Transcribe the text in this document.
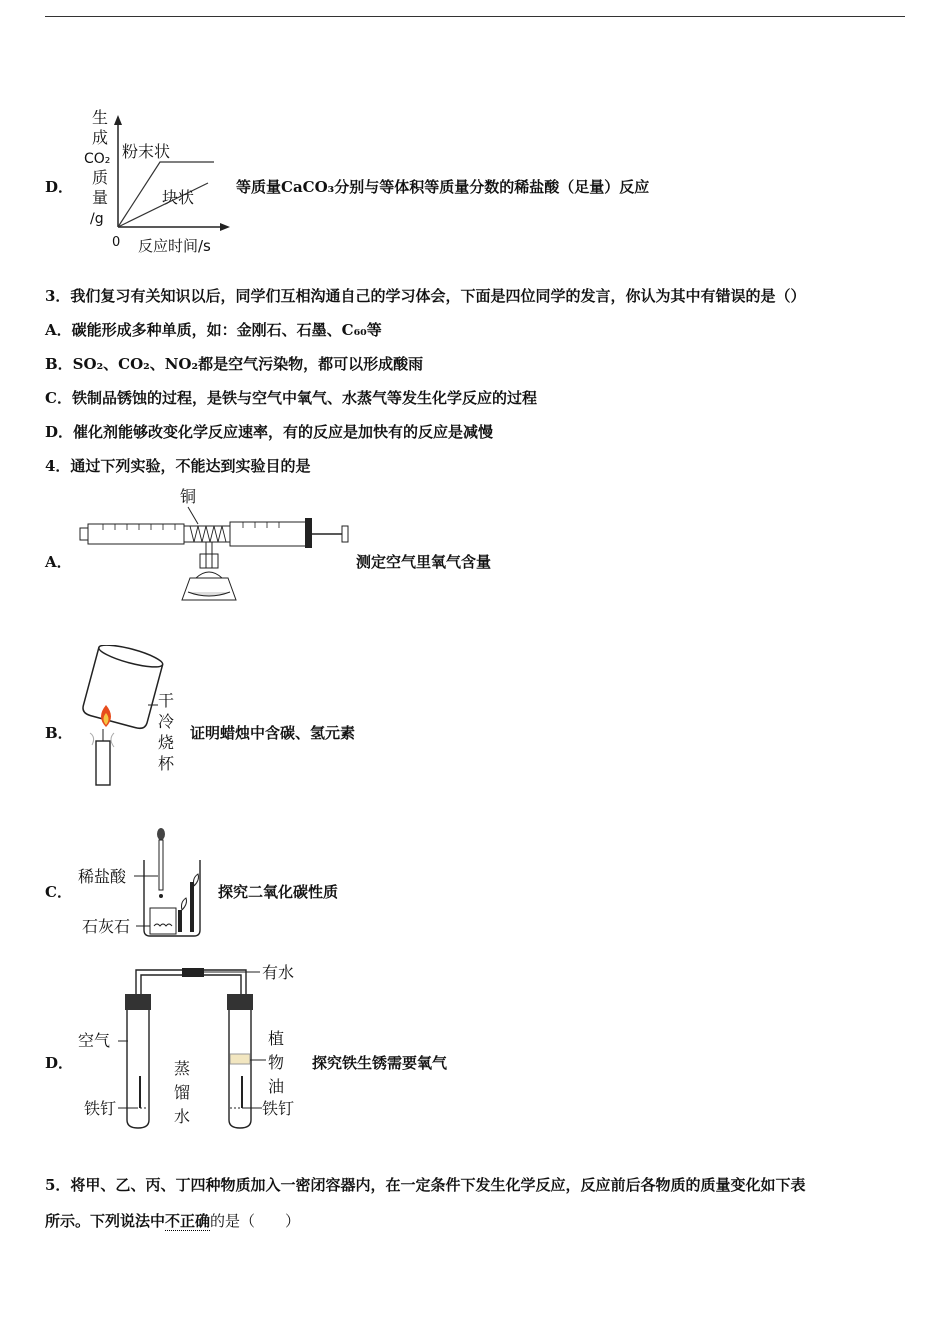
D．
生
成
CO₂
质
量
/g
粉末状
块状
0 反应时间/s
等质量CaCO₃分别与等体积等质量分数的稀盐酸（足量）反应
3．我们复习有关知识以后，同学们互相沟通自己的学习体会，下面是四位同学的发言，你认为其中有错误的是（）
A．碳能形成多种单质，如：金刚石、石墨、C₆₀等
B．SO₂、CO₂、NO₂都是空气污染物，都可以形成酸雨
C．铁制品锈蚀的过程，是铁与空气中氧气、水蒸气等发生化学反应的过程
D．催化剂能够改变化学反应速率，有的反应是加快有的反应是减慢
4．通过下列实验，不能达到实验目的是
A．
铜
测定空气里氧气含量
B．
干
冷
烧
杯
证明蜡烛中含碳、氢元素
C．
稀盐酸
石灰石
探究二氧化碳性质
D．
有水
空气
铁钉
蒸
馏
水
植
物
油
铁钉
探究铁生锈需要氧气
5．将甲、乙、丙、丁四种物质加入一密闭容器内，在一定条件下发生化学反应，反应前后各物质的质量变化如下表
所示。下列说法中不正确的是（　　）
